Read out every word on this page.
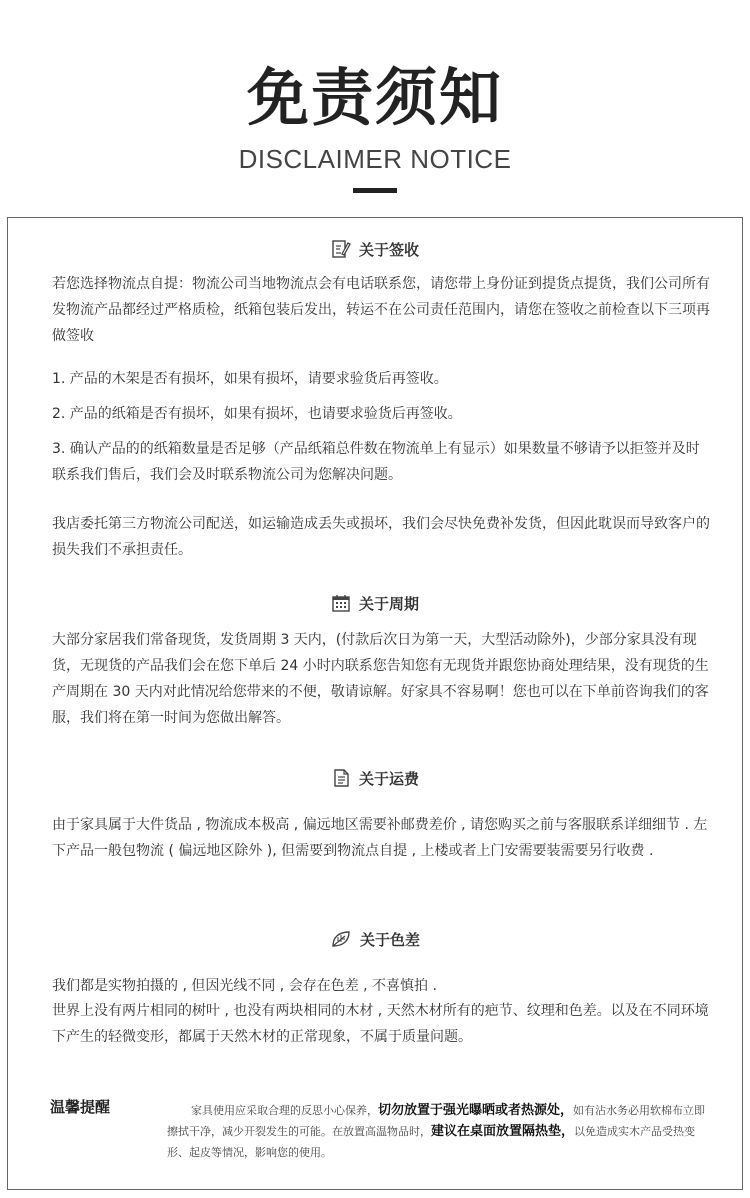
免责须知
DISCLAIMER NOTICE
关于签收
若您选择物流点自提：物流公司当地物流点会有电话联系您，请您带上身份证到提货点提货，我们公司所有发物流产品都经过严格质检，纸箱包装后发出，转运不在公司责任范围内，请您在签收之前检查以下三项再做签收
1. 产品的木架是否有损坏，如果有损坏，请要求验货后再签收。
2. 产品的纸箱是否有损坏，如果有损坏，也请要求验货后再签收。
3. 确认产品的的纸箱数量是否足够（产品纸箱总件数在物流单上有显示）如果数量不够请予以拒签并及时联系我们售后，我们会及时联系物流公司为您解决问题。
我店委托第三方物流公司配送，如运输造成丢失或损坏，我们会尽快免费补发货，但因此耽误而导致客户的损失我们不承担责任。
关于周期
大部分家居我们常备现货，发货周期 3 天内，(付款后次日为第一天，大型活动除外)，少部分家具没有现货，无现货的产品我们会在您下单后 24 小时内联系您告知您有无现货并跟您协商处理结果，没有现货的生产周期在 30 天内对此情况给您带来的不便，敬请谅解。好家具不容易啊！您也可以在下单前咨询我们的客服，我们将在第一时间为您做出解答。
关于运费
由于家具属于大件货品 , 物流成本极高 , 偏远地区需要补邮费差价 , 请您购买之前与客服联系详细细节 . 左下产品一般包物流 ( 偏远地区除外 ), 但需要到物流点自提 , 上楼或者上门安需要装需要另行收费 .
关于色差
我们都是实物拍摄的 , 但因光线不同 , 会存在色差 , 不喜慎拍 .
世界上没有两片相同的树叶 , 也没有两块相同的木材 , 天然木材所有的疤节、纹理和色差。以及在不同环境下产生的轻微变形，都属于天然木材的正常现象，不属于质量问题。
温馨提醒	家具使用应采取合理的反思小心保养，切勿放置于强光曝晒或者热源处，如有沾水务必用软棉布立即擦拭干净，减少开裂发生的可能。在放置高温物品时，建议在桌面放置隔热垫，以免造成实木产品受热变形、起皮等情况，影响您的使用。
